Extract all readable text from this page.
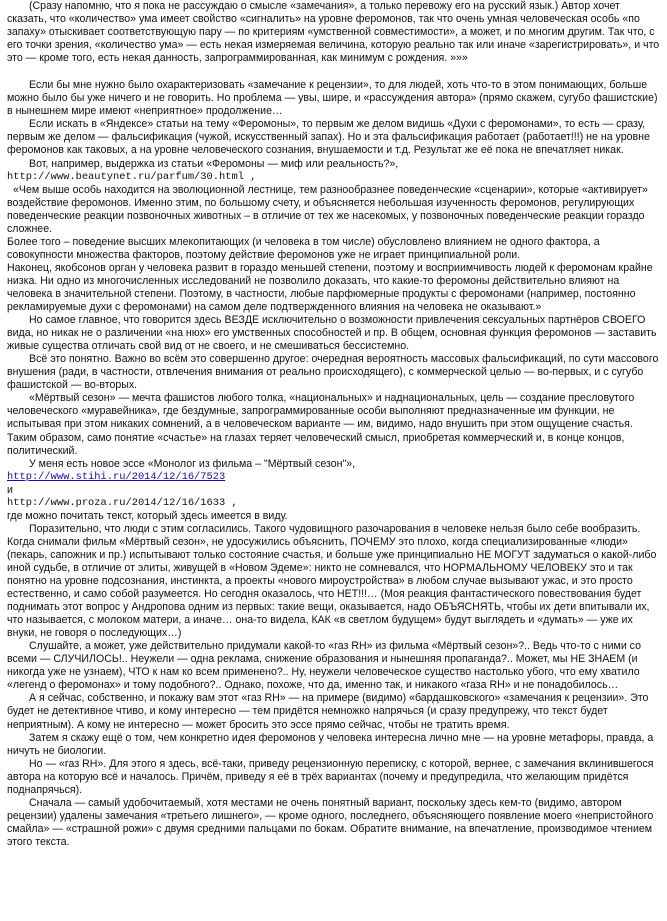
(Сразу напомню, что я пока не рассуждаю о смысле «замечания», а только перевожу его на русский язык.) Автор хочет сказать, что «количество» ума имеет свойство «сигналить» на уровне феромонов, так что очень умная человеческая особь «по запаху» отыскивает соответствующую пару — по критериям «умственной совместимости», а может, и по многим другим. Так что, с его точки зрения, «количество ума» — есть некая измеряемая величина, которую реально так или иначе «зарегистрировать», и что это — кроме того, есть некая данность, запрограммированная, как минимум с рождения. »»»

Если бы мне нужно было охарактеризовать «замечание к рецензии», то для людей, хоть что-то в этом понимающих, больше можно было бы уже ничего и не говорить. Но проблема — увы, шире, и «рассуждения автора» (прямо скажем, сугубо фашистские) в нынешнем мире имеют «неприятное» продолжение…

Если искать в «Яндексе» статьи на тему «Феромоны», то первым же делом видишь «Духи с феромонами», то есть — сразу, первым же делом — фальсификация (чужой, искусственный запах). Но и эта фальсификация работает (работает!!!) не на уровне феромонов как таковых, а на уровне человеческого сознания, внушаемости и т.д. Результат же её пока не впечатляет никак.

Вот, например, выдержка из статьи «Феромоны — миф или реальность?»,

http://www.beautynet.ru/parfum/30.html ,

«Чем выше особь находится на эволюционной лестнице, тем разнообразнее поведенческие «сценарии», которые «активирует» воздействие феромонов. Именно этим, по большому счету, и объясняется небольшая изученность феромонов, регулирующих поведенческие реакции позвоночных животных – в отличие от тех же насекомых, у позвоночных поведенческие реакции гораздо сложнее.

Более того – поведение высших млекопитающих (и человека в том числе) обусловлено влиянием не одного фактора, а совокупности множества факторов, поэтому действие феромонов уже не играет принципиальной роли.

Наконец, якобсонов орган у человека развит в гораздо меньшей степени, поэтому и восприимчивость людей к феромонам крайне низка. Ни одно из многочисленных исследований не позволило доказать, что какие-то феромоны действительно влияют на человека в значительной степени. Поэтому, в частности, любые парфюмерные продукты с феромонами (например, постоянно рекламируемые духи с феромонами) на самом деле подтвержденного влияния на человека не оказывают.»

Но самое главное, что говорится здесь ВЕЗДЕ исключительно о возможности привлечения сексуальных партнёров СВОЕГО вида, но никак не о различении «на нюх» его умственных способностей и пр. В общем, основная функция феромонов — заставить живые существа отличать свой вид от не своего, и не смешиваться бессистемно.

Всё это понятно. Важно во всём это совершенно другое: очередная вероятность массовых фальсификаций, по сути массового внушения (ради, в частности, отвлечения внимания от реально происходящего), с коммерческой целью — во-первых, и с сугубо фашистской — во-вторых.

«Мёртвый сезон» — мечта фашистов любого толка, «национальных» и наднациональных, цель — создание пресловутого человеческого «муравейника», где бездумные, запрограммированные особи выполняют предназначенные им функции, не испытывая при этом никаких сомнений, а в человеческом варианте — им, видимо, надо внушить при этом ощущение счастья. Таким образом, само понятие «счастье» на глазах теряет человеческий смысл, приобретая коммерческий и, в конце концов, политический.

У меня есть новое эссе «Монолог из фильма – "Мёртвый сезон"»,

http://www.stihi.ru/2014/12/16/7523

и

http://www.proza.ru/2014/12/16/1633 ,

где можно почитать текст, который здесь имеется в виду.

Поразительно, что люди с этим согласились. Такого чудовищного разочарования в человеке нельзя было себе вообразить. Когда снимали фильм «Мёртвый сезон», не удосужились объяснить, ПОЧЕМУ это плохо, когда специализированные «люди» (пекарь, сапожник и пр.) испытывают только состояние счастья, и больше уже принципиально НЕ МОГУТ задуматься о какой-либо иной судьбе, в отличие от элиты, живущей в «Новом Эдеме»: никто не сомневался, что НОРМАЛЬНОМУ ЧЕЛОВЕКУ это и так понятно на уровне подсознания, инстинкта, а проекты «нового мироустройства» в любом случае вызывают ужас, и это просто естественно, и само собой разумеется. Но сегодня оказалось, что НЕТ!!!… (Моя реакция фантастического повествования будет поднимать этот вопрос у Андропова одним из первых: такие вещи, оказывается, надо ОБЪЯСНЯТЬ, чтобы их дети впитывали их, что называется, с молоком матери, а иначе… она-то видела, КАК «в светлом будущем» будут выглядеть и «думать» — уже их внуки, не говоря о последующих…)

Слушайте, а может, уже действительно придумали какой-то «газ RH» из фильма «Мёртвый сезон»?.. Ведь что-то с ними со всеми — СЛУЧИЛОСЬ!.. Неужели — одна реклама, снижение образования и нынешняя пропаганда?.. Может, мы НЕ ЗНАЕМ (и никогда уже не узнаем), ЧТО к нам ко всем применено?.. Ну, неужели человеческое существо настолько убого, что ему хватило «легенд о феромонах» и тому подобного?.. Однако, похоже, что да, именно так, и никакого «газа RH» и не понадобилось…

А я сейчас, собственно, и покажу вам этот «газ RH» — на примере (видимо) «бардашковского» «замечания к рецензии». Это будет не детективное чтиво, и кому интересно — тем придётся немножко напрячься (и сразу предупрежу, что текст будет неприятным). А кому не интересно — может бросить это эссе прямо сейчас, чтобы не тратить время.

Затем я скажу ещё о том, чем конкретно идея феромонов у человека интересна лично мне — на уровне метафоры, правда, а ничуть не биологии.

Но — «газ RH». Для этого я здесь, всё-таки, приведу рецензионную переписку, с которой, вернее, с замечания вклинившегося автора на которую всё и началось. Причём, приведу я её в трёх вариантах (почему и предупредила, что желающим придётся поднапрячься).

Сначала — самый удобочитаемый, хотя местами не очень понятный вариант, поскольку здесь кем-то (видимо, автором рецензии) удалены замечания «третьего лишнего», — кроме одного, последнего, объясняющего появление моего «непристойного смайла» — «страшной рожи» с двумя средними пальцами по бокам. Обратите внимание, на впечатление, производимое чтением этого текста.
